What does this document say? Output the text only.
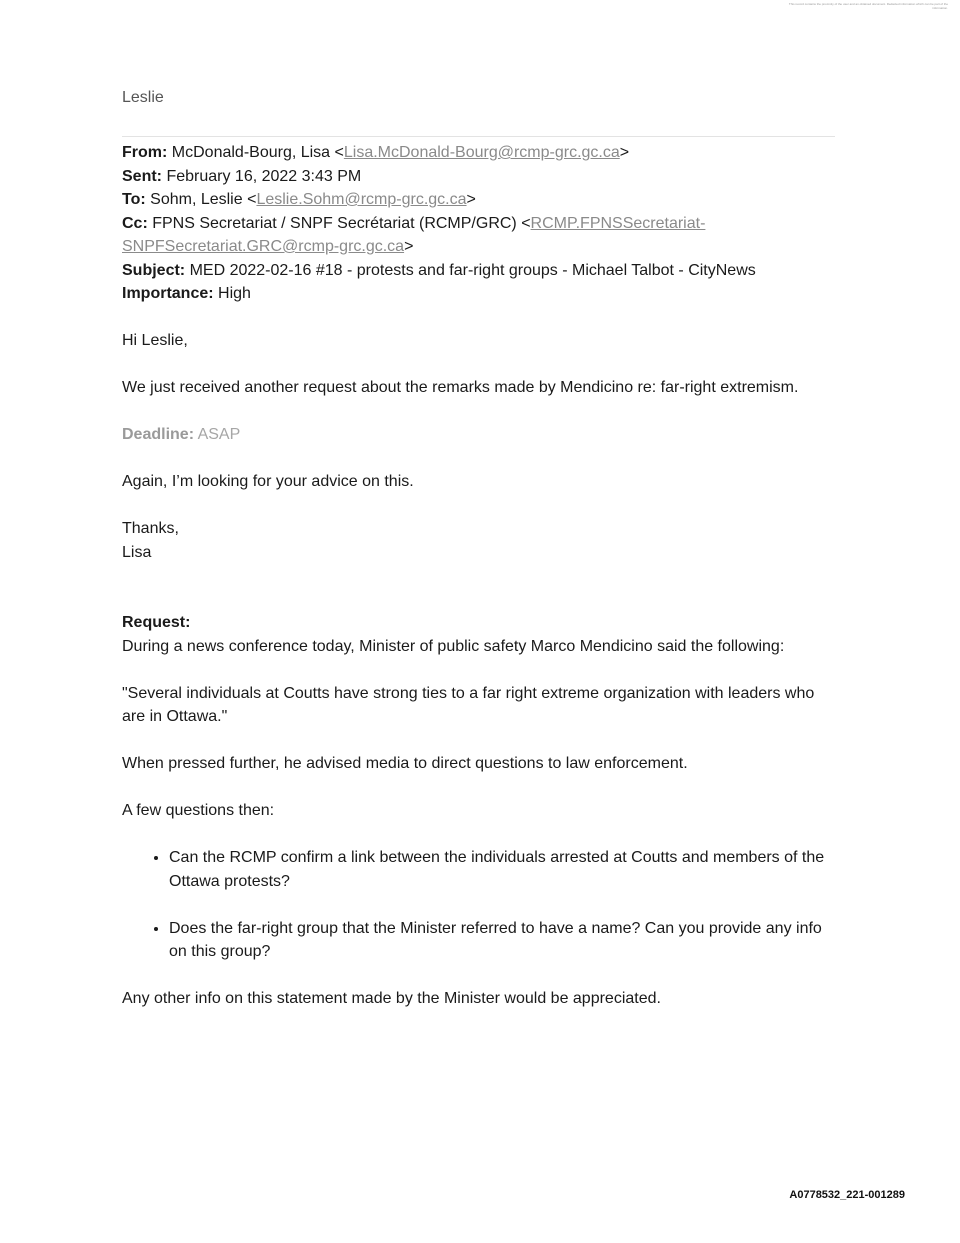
This record contains the proximity of the user and an obtained document. Redacted information which can be part of the information.
Leslie

From: McDonald-Bourg, Lisa <Lisa.McDonald-Bourg@rcmp-grc.gc.ca>

Sent: February 16, 2022 3:43 PM

To: Sohm, Leslie <Leslie.Sohm@rcmp-grc.gc.ca>

Cc: FPNS Secretariat / SNPF Secrétariat (RCMP/GRC) <RCMP.FPNSSecretariat-
SNPFSecretariat.GRC@rcmp-grc.gc.ca>

Subject: MED 2022-02-16 #18 - protests and far-right groups - Michael Talbot - CityNews

Importance: High

Hi Leslie,

We just received another request about the remarks made by Mendicino re: far-right extremism.

Deadline: ASAP

Again, I’m looking for your advice on this.

Thanks,

Lisa

Request:

During a news conference today, Minister of public safety Marco Mendicino said the following:

"Several individuals at Coutts have strong ties to a far right extreme organization with leaders who are in Ottawa."

When pressed further, he advised media to direct questions to law enforcement.

A few questions then:

• Can the RCMP confirm a link between the individuals arrested at Coutts and members of the Ottawa protests?
• Does the far-right group that the Minister referred to have a name? Can you provide any info on this group?

Any other info on this statement made by the Minister would be appreciated.

A0778532_221-001289
